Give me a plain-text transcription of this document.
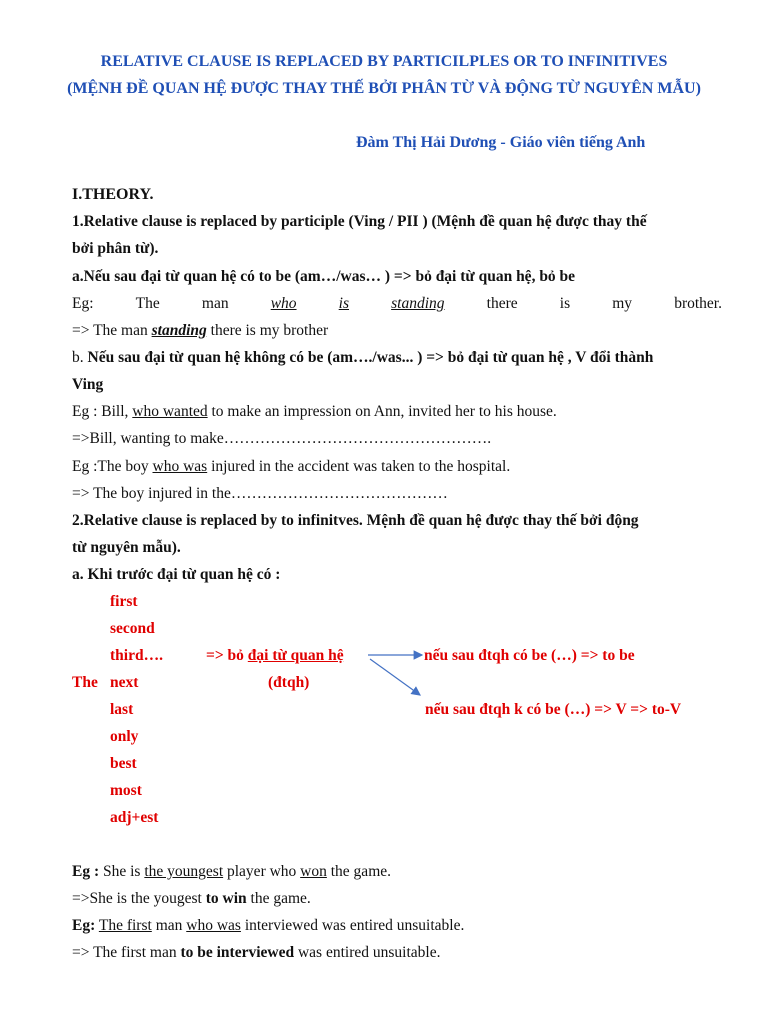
RELATIVE CLAUSE IS REPLACED BY PARTICILPLES OR TO INFINITIVES
(MỆNH ĐỀ QUAN HỆ ĐƯỢC THAY THẾ BỞI PHÂN TỪ VÀ ĐỘNG TỪ NGUYÊN MẪU)
Đàm Thị Hải Dương - Giáo viên tiếng Anh
I.THEORY.
1.Relative clause is replaced by participle (Ving / PII ) (Mệnh đề quan hệ được thay thế
bởi phân từ).
a.Nếu sau đại từ quan hệ có to be (am…/was… ) => bỏ đại từ quan hệ, bỏ be
Eg:	The	man	who	is	standing	there	is	my	brother.
=> The man standing there is my brother
b. Nếu sau đại từ quan hệ không có be (am…./was... ) => bỏ đại từ quan hệ , V đổi thành
Ving
Eg : Bill, who wanted to make an impression on Ann, invited her to his house.
=>Bill, wanting to make…………………………………………….
Eg :The boy who was injured in the accident was taken to the hospital.
=> The boy injured in the……………………………………
2.Relative clause is replaced by to infinitves. Mệnh đề quan hệ được thay thế bởi động
từ nguyên mẫu).
a. Khi trước đại từ quan hệ có :
first
second
third….
The next
last
only
best
most
adj+est
=> bỏ đại từ quan hệ
(đtqh)
nếu sau đtqh có be (…) => to be
nếu sau đtqh k có be (…) => V => to-V
Eg : She is the youngest player who won the game.
=>She is the yougest to win the game.
Eg: The first man who was interviewed was entired unsuitable.
=> The first man to be interviewed was entired unsuitable.
